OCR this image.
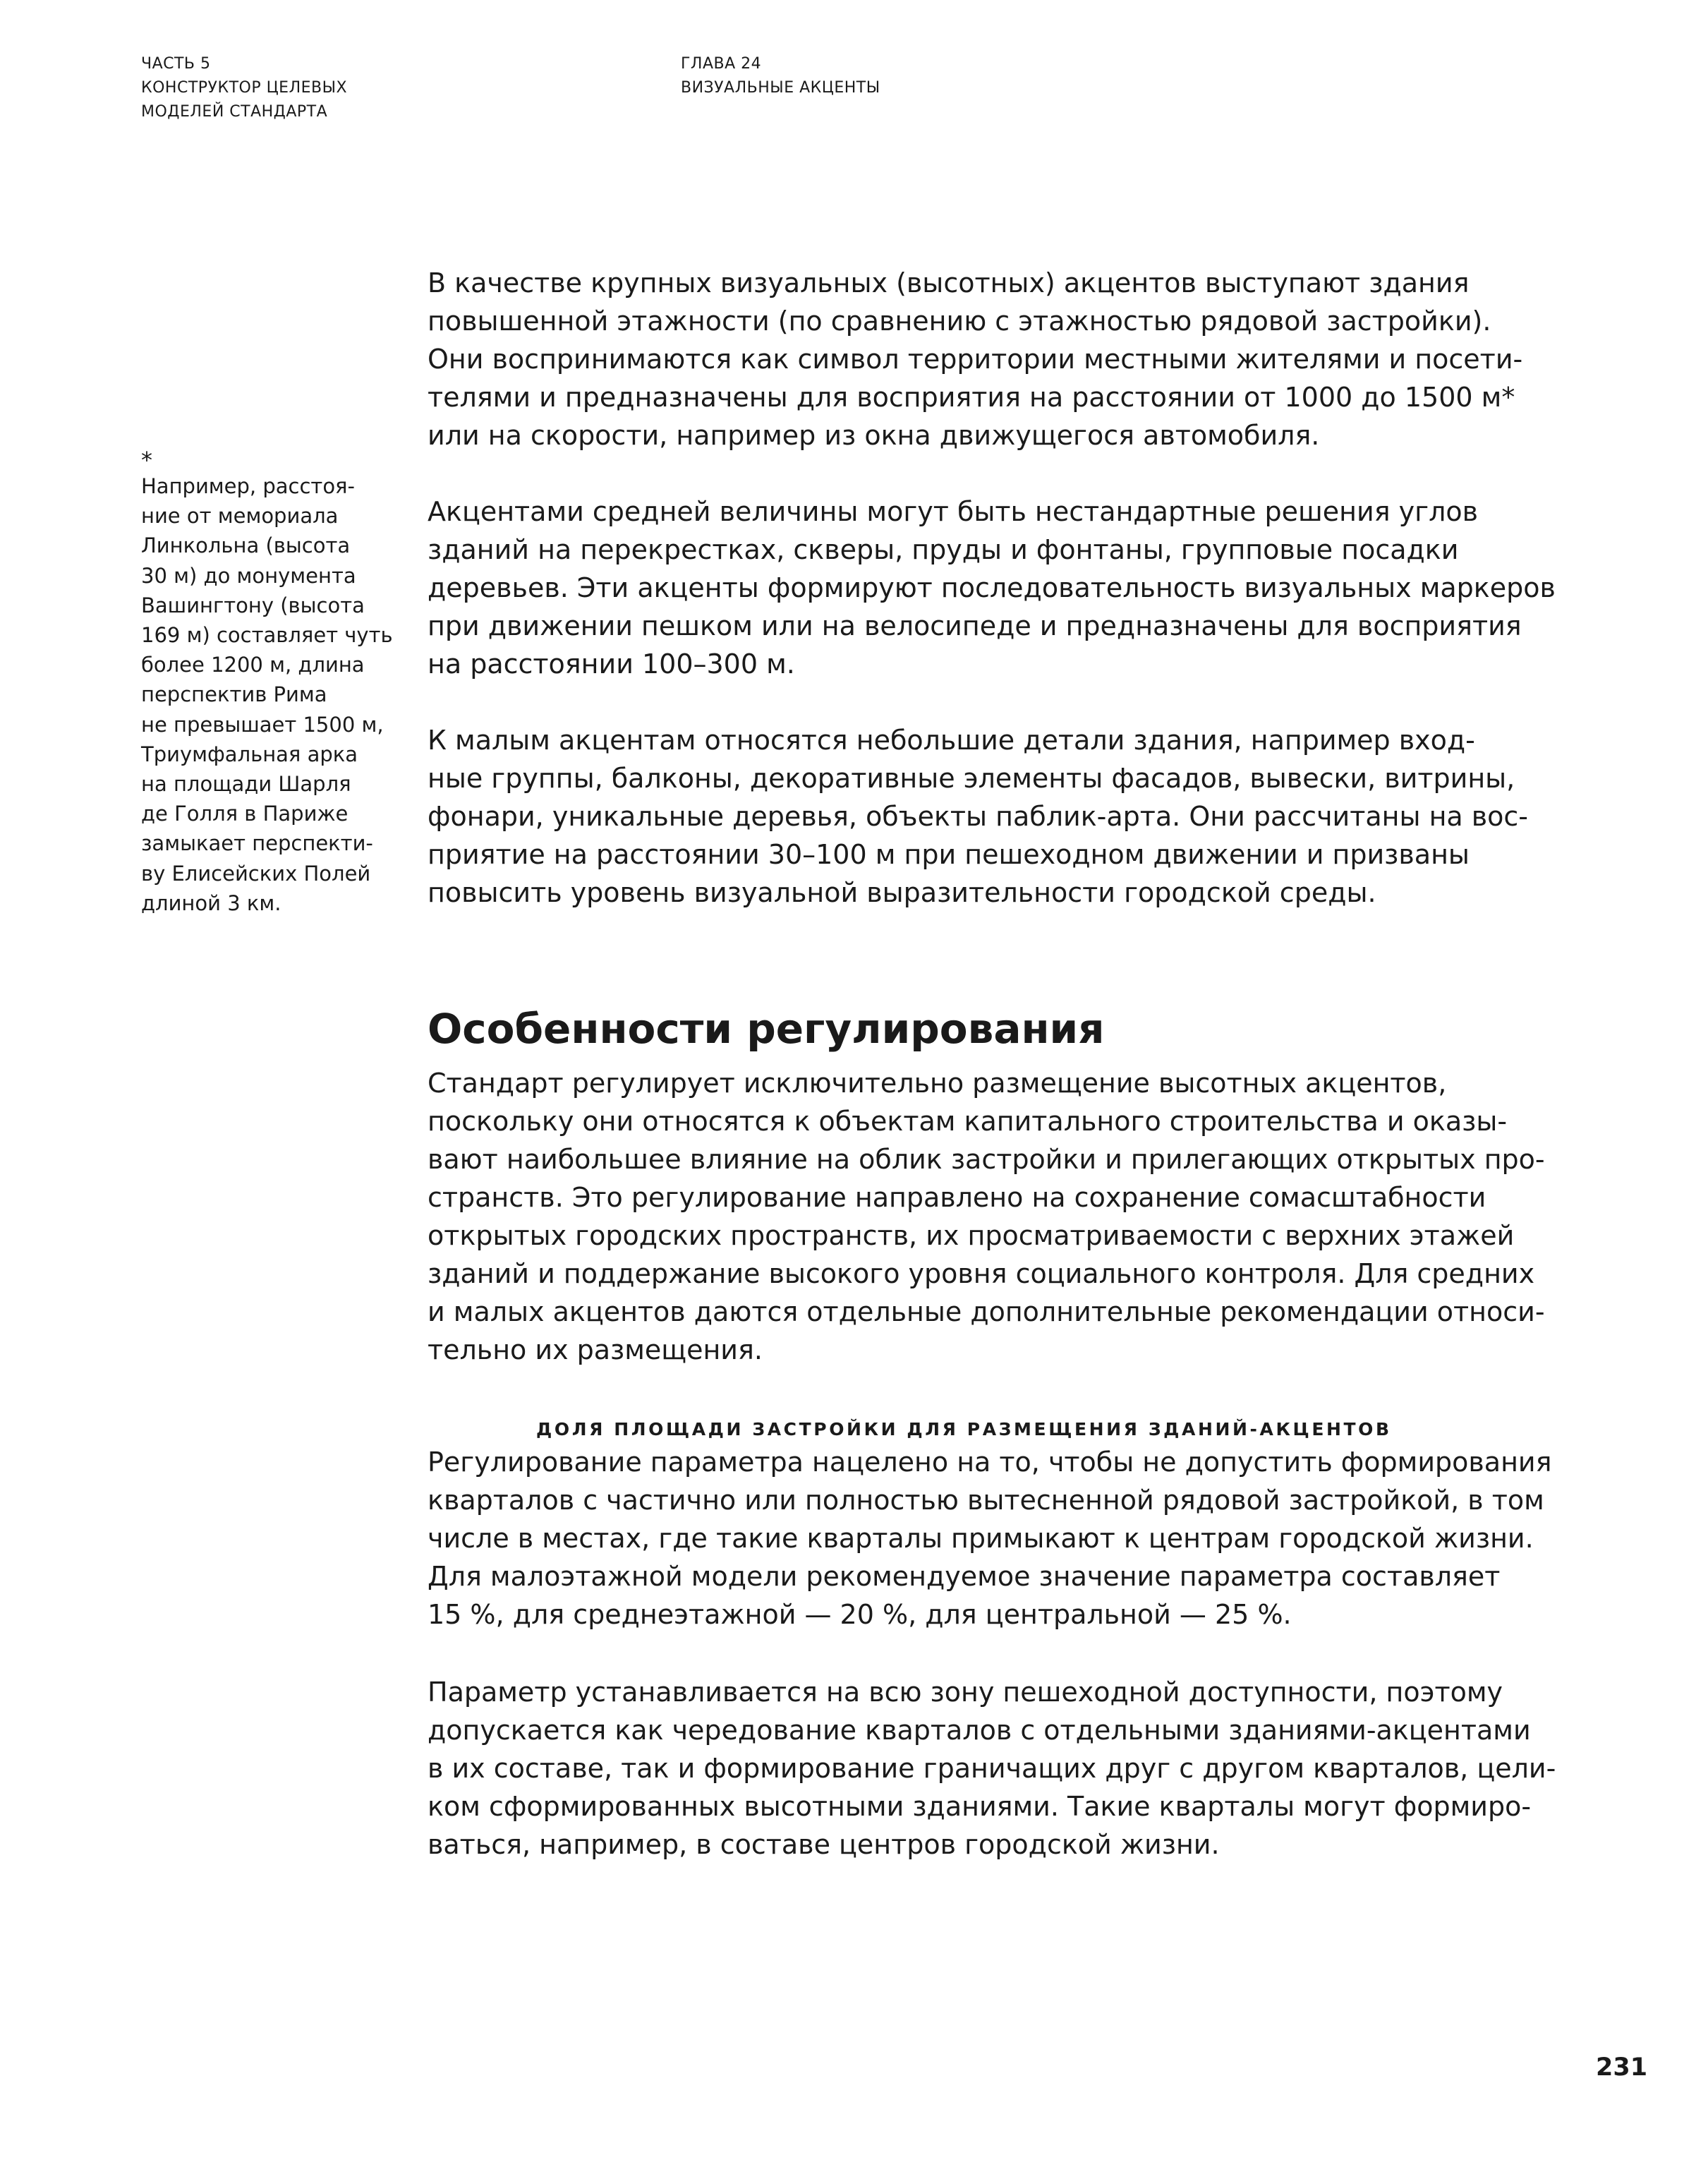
ЧАСТЬ 5
КОНСТРУКТОР ЦЕЛЕВЫХ
МОДЕЛЕЙ СТАНДАРТА
ГЛАВА 24
ВИЗУАЛЬНЫЕ АКЦЕНТЫ
*
Например, расстоя-
ние от мемориала
Линкольна (высота
30 м) до монумента
Вашингтону (высота
169 м) составляет чуть
более 1200 м, длина
перспектив Рима
не превышает 1500 м,
Триумфальная арка
на площади Шарля
де Голля в Париже
замыкает перспекти-
ву Елисейских Полей
длиной 3 км.
В качестве крупных визуальных (высотных) акцентов выступают здания
повышенной этажности (по сравнению с этажностью рядовой застройки).
Они воспринимаются как символ территории местными жителями и посети-
телями и предназначены для восприятия на расстоянии от 1000 до 1500 м*
или на скорости, например из окна движущегося автомобиля.
Акцентами средней величины могут быть нестандартные решения углов
зданий на перекрестках, скверы, пруды и фонтаны, групповые посадки
деревьев. Эти акценты формируют последовательность визуальных маркеров
при движении пешком или на велосипеде и предназначены для восприятия
на расстоянии 100–300 м.
К малым акцентам относятся небольшие детали здания, например вход-
ные группы, балконы, декоративные элементы фасадов, вывески, витрины,
фонари, уникальные деревья, объекты паблик-арта. Они рассчитаны на вос-
приятие на расстоянии 30–100 м при пешеходном движении и призваны
повысить уровень визуальной выразительности городской среды.
Особенности регулирования
Стандарт регулирует исключительно размещение высотных акцентов,
поскольку они относятся к объектам капитального строительства и оказы-
вают наибольшее влияние на облик застройки и прилегающих открытых про-
странств. Это регулирование направлено на сохранение сомасштабности
открытых городских пространств, их просматриваемости с верхних этажей
зданий и поддержание высокого уровня социального контроля. Для средних
и малых акцентов даются отдельные дополнительные рекомендации относи-
тельно их размещения.
ДОЛЯ ПЛОЩАДИ ЗАСТРОЙКИ ДЛЯ РАЗМЕЩЕНИЯ ЗДАНИЙ-АКЦЕНТОВ
Регулирование параметра нацелено на то, чтобы не допустить формирования
кварталов с частично или полностью вытесненной рядовой застройкой, в том
числе в местах, где такие кварталы примыкают к центрам городской жизни.
Для малоэтажной модели рекомендуемое значение параметра составляет
15 %, для среднеэтажной — 20 %, для центральной — 25 %.
Параметр устанавливается на всю зону пешеходной доступности, поэтому
допускается как чередование кварталов с отдельными зданиями-акцентами
в их составе, так и формирование граничащих друг с другом кварталов, цели-
ком сформированных высотными зданиями. Такие кварталы могут формиро-
ваться, например, в составе центров городской жизни.
231
